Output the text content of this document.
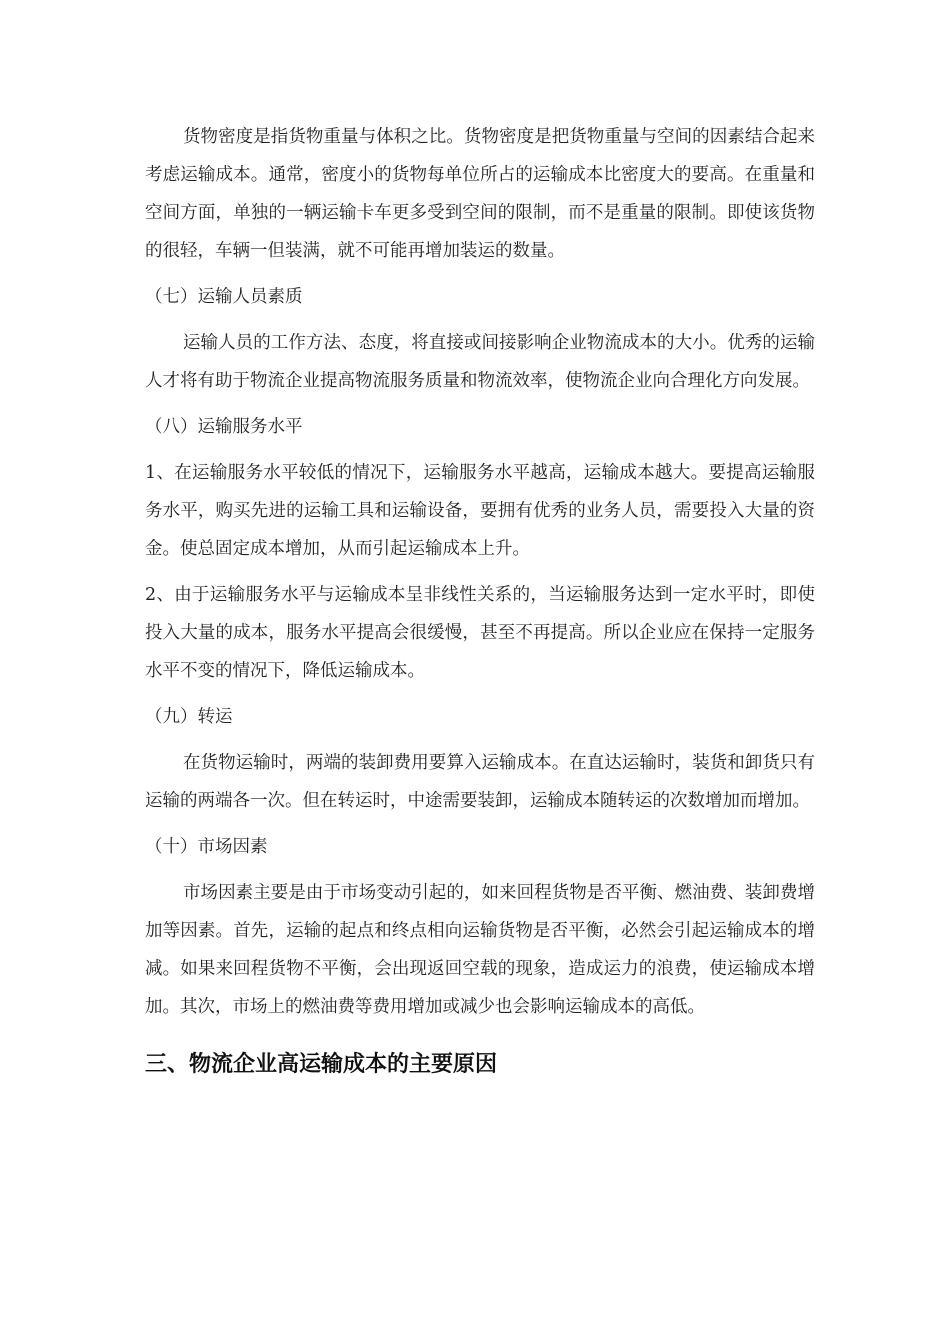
货物密度是指货物重量与体积之比。货物密度是把货物重量与空间的因素结合起来考虑运输成本。通常，密度小的货物每单位所占的运输成本比密度大的要高。在重量和空间方面，单独的一辆运输卡车更多受到空间的限制，而不是重量的限制。即使该货物的很轻，车辆一但装满，就不可能再增加装运的数量。

（七）运输人员素质

运输人员的工作方法、态度，将直接或间接影响企业物流成本的大小。优秀的运输人才将有助于物流企业提高物流服务质量和物流效率，使物流企业向合理化方向发展。

（八）运输服务水平

1、在运输服务水平较低的情况下，运输服务水平越高，运输成本越大。要提高运输服务水平，购买先进的运输工具和运输设备，要拥有优秀的业务人员，需要投入大量的资金。使总固定成本增加，从而引起运输成本上升。

2、由于运输服务水平与运输成本呈非线性关系的，当运输服务达到一定水平时，即使投入大量的成本，服务水平提高会很缓慢，甚至不再提高。所以企业应在保持一定服务水平不变的情况下，降低运输成本。

（九）转运

在货物运输时，两端的装卸费用要算入运输成本。在直达运输时，装货和卸货只有运输的两端各一次。但在转运时，中途需要装卸，运输成本随转运的次数增加而增加。

（十）市场因素

市场因素主要是由于市场变动引起的，如来回程货物是否平衡、燃油费、装卸费增加等因素。首先，运输的起点和终点相向运输货物是否平衡，必然会引起运输成本的增减。如果来回程货物不平衡，会出现返回空载的现象，造成运力的浪费，使运输成本增加。其次，市场上的燃油费等费用增加或减少也会影响运输成本的高低。

三、物流企业高运输成本的主要原因
